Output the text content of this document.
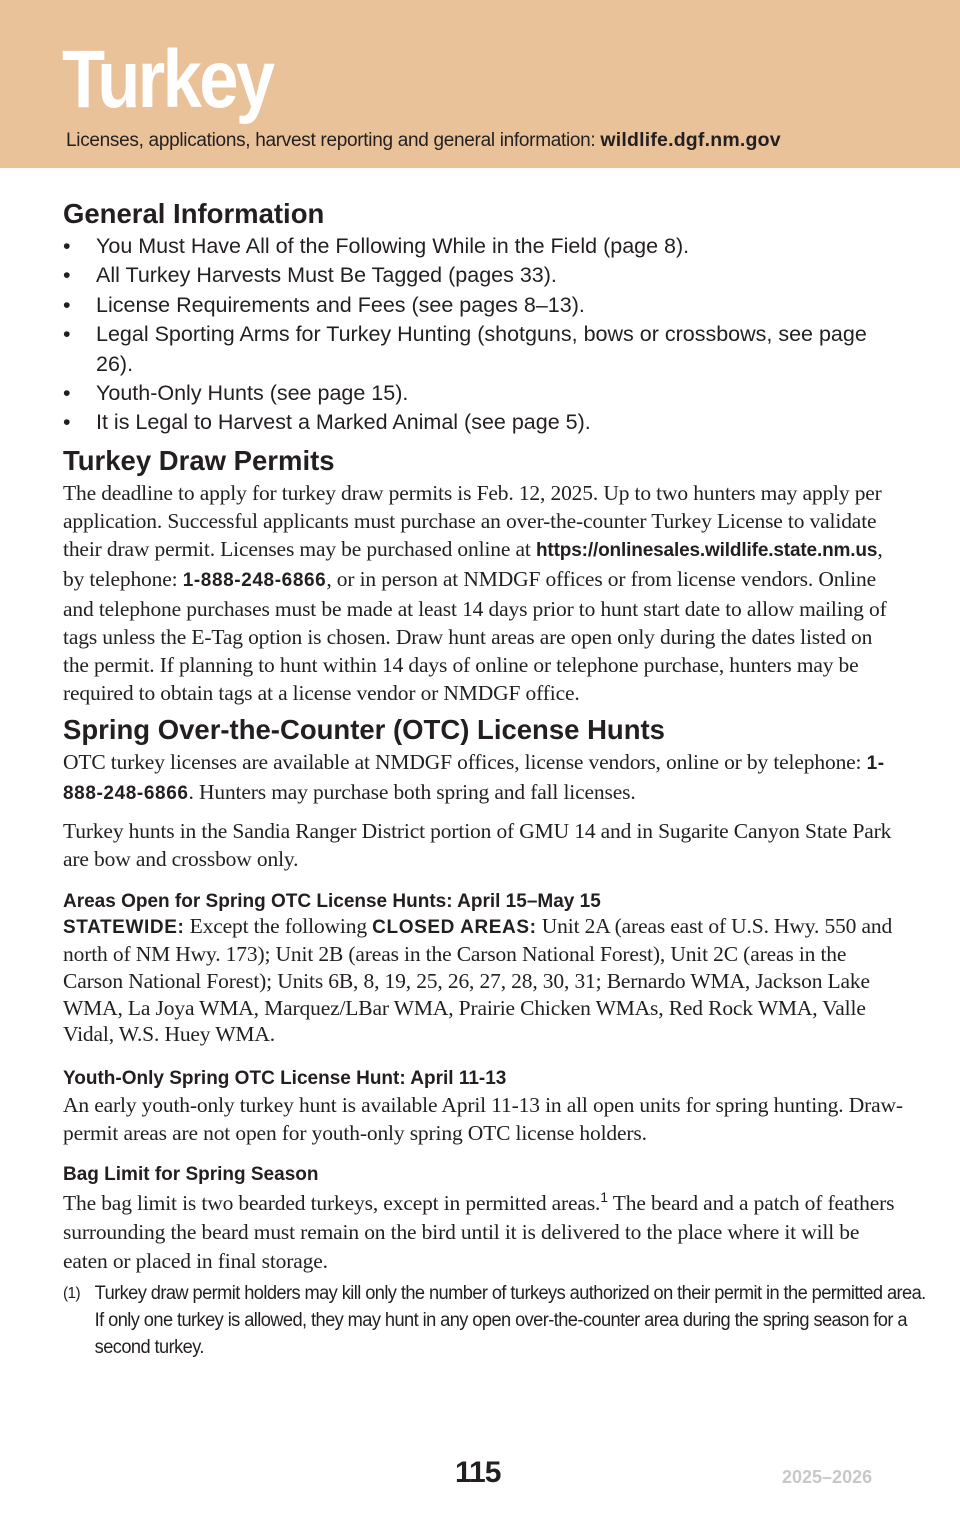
Turkey
Licenses, applications, harvest reporting and general information: wildlife.dgf.nm.gov
General Information
• You Must Have All of the Following While in the Field (page 8).
• All Turkey Harvests Must Be Tagged (pages 33).
• License Requirements and Fees (see pages 8–13).
• Legal Sporting Arms for Turkey Hunting (shotguns, bows or crossbows, see page 26).
• Youth-Only Hunts (see page 15).
• It is Legal to Harvest a Marked Animal (see page 5).
Turkey Draw Permits

The deadline to apply for turkey draw permits is Feb. 12, 2025. Up to two hunters may apply per application. Successful applicants must purchase an over-the-counter Turkey License to validate their draw permit. Licenses may be purchased online at https://onlinesales.wildlife.state.nm.us, by telephone: 1-888-248-6866, or in person at NMDGF offices or from license vendors. Online and telephone purchases must be made at least 14 days prior to hunt start date to allow mailing of tags unless the E-Tag option is chosen. Draw hunt areas are open only during the dates listed on the permit. If planning to hunt within 14 days of online or telephone purchase, hunters may be required to obtain tags at a license vendor or NMDGF office.

Spring Over-the-Counter (OTC) License Hunts

OTC turkey licenses are available at NMDGF offices, license vendors, online or by telephone: 1-888-248-6866. Hunters may purchase both spring and fall licenses.

Turkey hunts in the Sandia Ranger District portion of GMU 14 and in Sugarite Canyon State Park are bow and crossbow only.

Areas Open for Spring OTC License Hunts: April 15–May 15

STATEWIDE: Except the following CLOSED AREAS: Unit 2A (areas east of U.S. Hwy. 550 and north of NM Hwy. 173); Unit 2B (areas in the Carson National Forest), Unit 2C (areas in the Carson National Forest); Units 6B, 8, 19, 25, 26, 27, 28, 30, 31; Bernardo WMA, Jackson Lake WMA, La Joya WMA, Marquez/LBar WMA, Prairie Chicken WMAs, Red Rock WMA, Valle Vidal, W.S. Huey WMA.

Youth-Only Spring OTC License Hunt: April 11-13

An early youth-only turkey hunt is available April 11-13 in all open units for spring hunting. Draw-permit areas are not open for youth-only spring OTC license holders.

Bag Limit for Spring Season

The bag limit is two bearded turkeys, except in permitted areas.$^1$ The beard and a patch of feathers surrounding the beard must remain on the bird until it is delivered to the place where it will be eaten or placed in final storage.

(1) Turkey draw permit holders may kill only the number of turkeys authorized on their permit in the permitted area. If only one turkey is allowed, they may hunt in any open over-the-counter area during the spring season for a second turkey.
115	2025–2026
